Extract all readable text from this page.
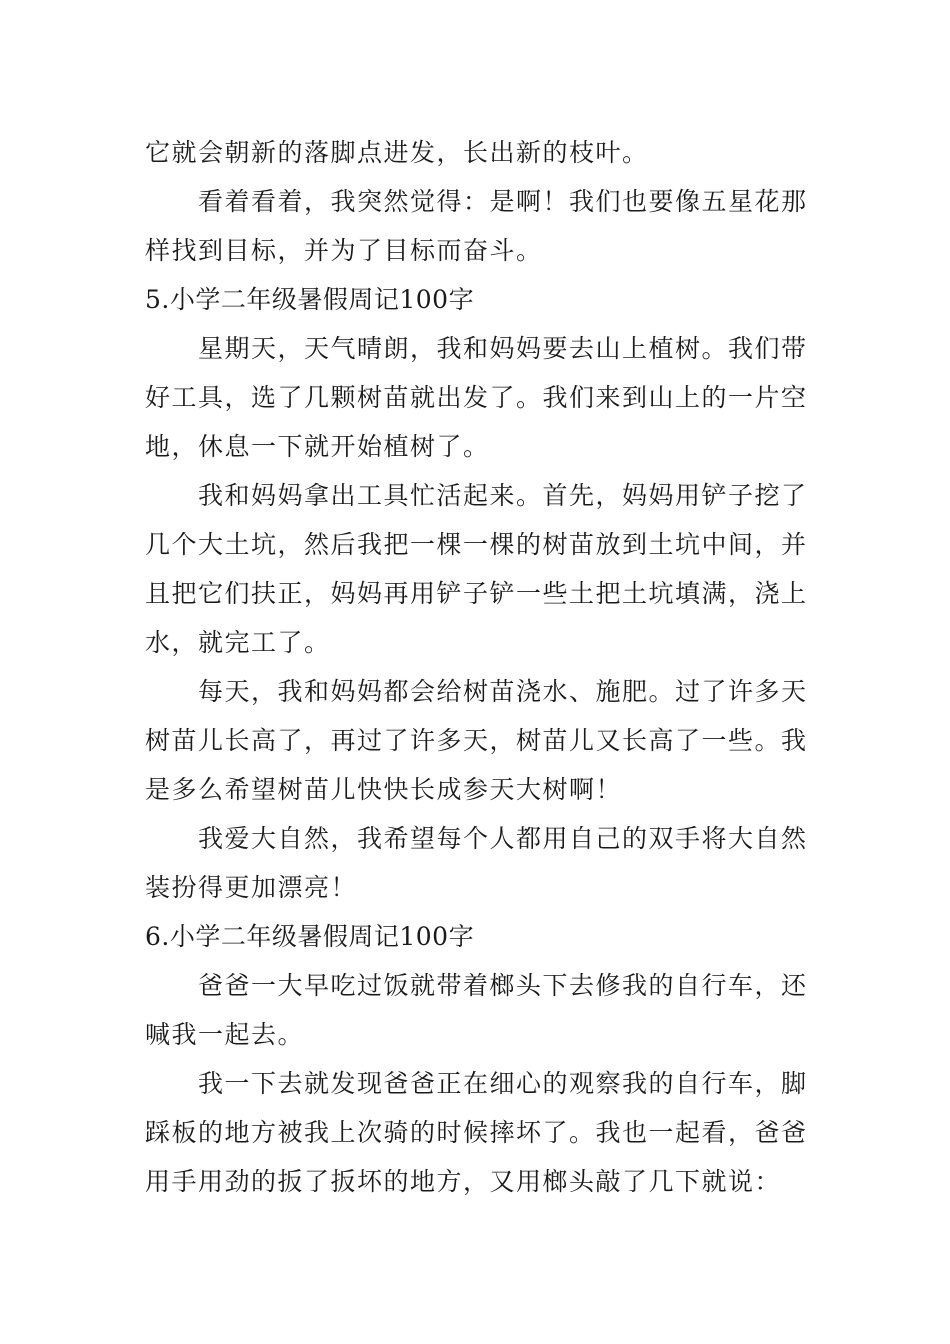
它就会朝新的落脚点进发，长出新的枝叶。
看着看着，我突然觉得：是啊！我们也要像五星花那
样找到目标，并为了目标而奋斗。
5.小学二年级暑假周记100字
星期天，天气晴朗，我和妈妈要去山上植树。我们带
好工具，选了几颗树苗就出发了。我们来到山上的一片空
地，休息一下就开始植树了。
我和妈妈拿出工具忙活起来。首先，妈妈用铲子挖了
几个大土坑，然后我把一棵一棵的树苗放到土坑中间，并
且把它们扶正，妈妈再用铲子铲一些土把土坑填满，浇上
水，就完工了。
每天，我和妈妈都会给树苗浇水、施肥。过了许多天
树苗儿长高了，再过了许多天，树苗儿又长高了一些。我
是多么希望树苗儿快快长成参天大树啊！
我爱大自然，我希望每个人都用自己的双手将大自然
装扮得更加漂亮！
6.小学二年级暑假周记100字
爸爸一大早吃过饭就带着榔头下去修我的自行车，还
喊我一起去。
我一下去就发现爸爸正在细心的观察我的自行车，脚
踩板的地方被我上次骑的时候摔坏了。我也一起看，爸爸
用手用劲的扳了扳坏的地方，又用榔头敲了几下就说：
